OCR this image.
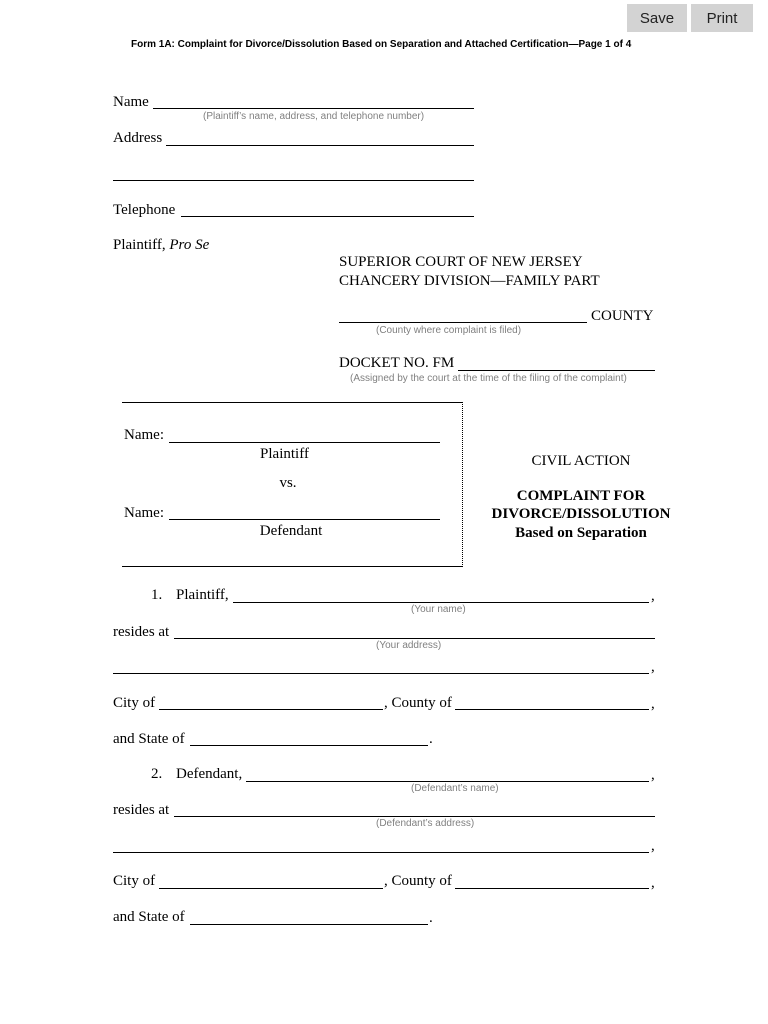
Save	Print
Form 1A: Complaint for Divorce/Dissolution Based on Separation and Attached Certification—Page 1 of 4
Name
(Plaintiff’s name, address, and telephone number)
Address
Telephone
Plaintiff, Pro Se
SUPERIOR COURT OF NEW JERSEY
CHANCERY DIVISION—FAMILY PART
COUNTY
(County where complaint is filed)
DOCKET NO. FM
(Assigned by the court at the time of the filing of the complaint)
Name:
Plaintiff
vs.
Name:
Defendant
CIVIL ACTION
COMPLAINT FOR
DIVORCE/DISSOLUTION
Based on Separation
1. Plaintiff,	,
(Your name)
resides at
(Your address)
,
City of	, County of	,
and State of	.
2. Defendant,	,
(Defendant’s name)
resides at
(Defendant’s address)
,
City of	, County of	,
and State of	.
